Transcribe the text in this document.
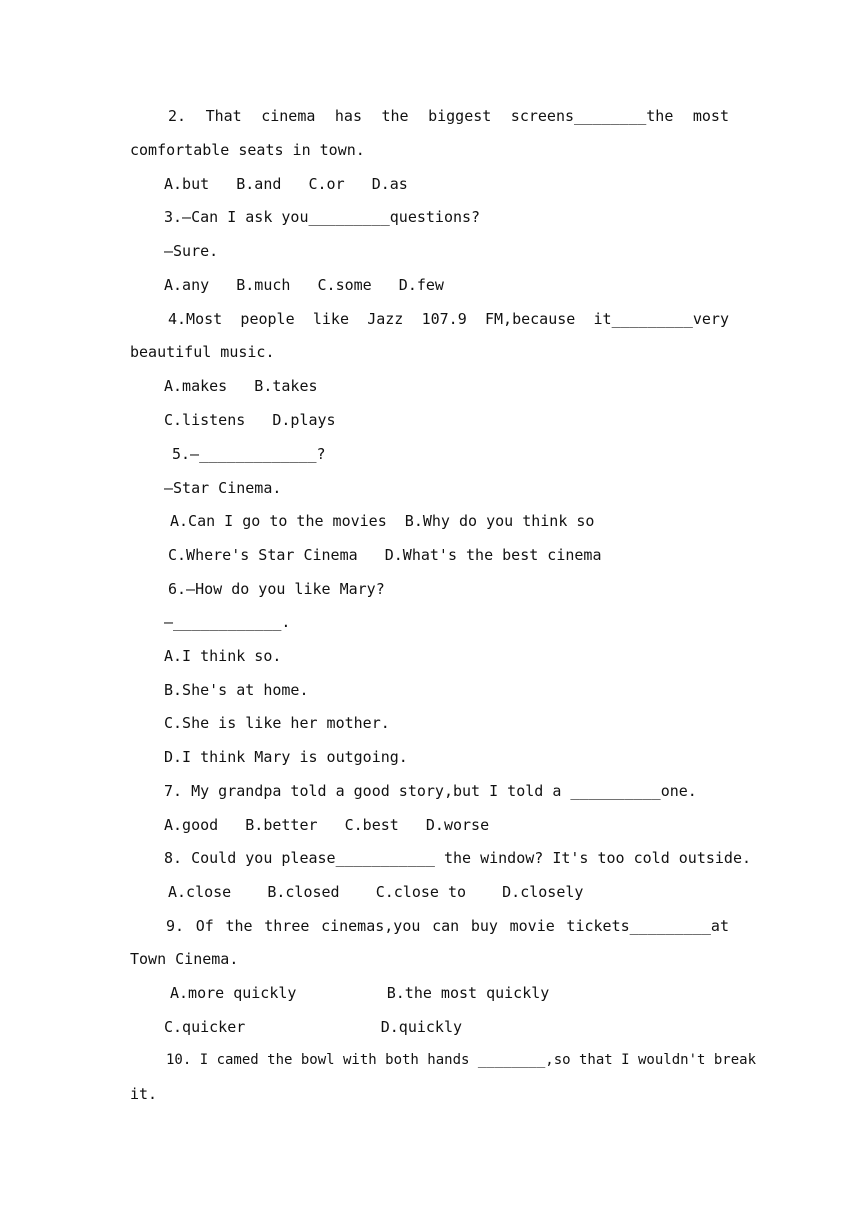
2.  That  cinema  has  the  biggest  screens________the  most
comfortable seats in town.
A.but   B.and   C.or   D.as
3.—Can I ask you_________questions?
—Sure.
A.any   B.much   C.some   D.few
4.Most  people  like  Jazz  107.9  FM,because  it_________very
beautiful music.
A.makes   B.takes
C.listens   D.plays
5.—_____________?
—Star Cinema.
A.Can I go to the movies  B.Why do you think so
C.Where's Star Cinema   D.What's the best cinema
6.—How do you like Mary?
—____________.
A.I think so.
B.She's at home.
C.She is like her mother.
D.I think Mary is outgoing.
7. My grandpa told a good story,but I told a __________one.
A.good   B.better   C.best   D.worse
8. Could you please___________ the window? It's too cold outside.
A.close    B.closed    C.close to    D.closely
9. Of the three cinemas,you can buy movie tickets_________at
Town Cinema.
A.more quickly          B.the most quickly
C.quicker               D.quickly
10. I camed the bowl with both hands ________,so that I wouldn't break
it.
